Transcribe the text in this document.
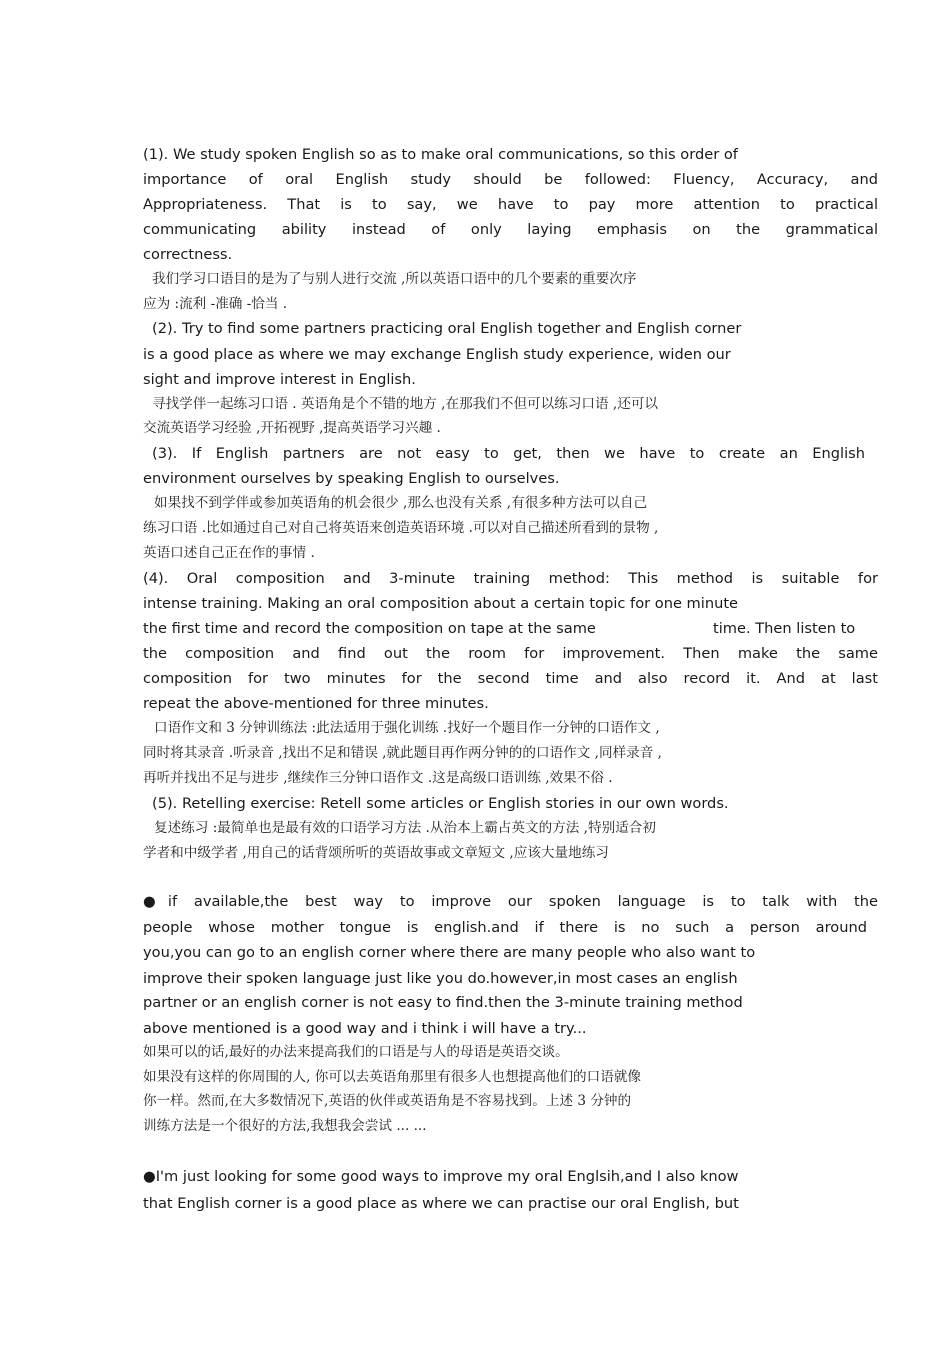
(1). We study spoken English so as to make oral communications, so this order of
importance of oral English study should be followed: Fluency, Accuracy, and
Appropriateness. That is to say, we have to pay more attention to practical
communicating ability instead of only laying emphasis on the grammatical
correctness.
我们学习口语目的是为了与别人进行交流 ,所以英语口语中的几个要素的重要次序
应为 :流利 -准确 -恰当 .
(2). Try to find some partners practicing oral English together and English corner
is a good place as where we may exchange English study experience, widen our
sight and improve interest in English.
寻找学伴一起练习口语 . 英语角是个不错的地方 ,在那我们不但可以练习口语 ,还可以
交流英语学习经验 ,开拓视野 ,提高英语学习兴趣 .
(3). If English partners are not easy to get, then we have to create an English
environment ourselves by speaking English to ourselves.
如果找不到学伴或参加英语角的机会很少 ,那么也没有关系 ,有很多种方法可以自己
练习口语 .比如通过自己对自己将英语来创造英语环境 .可以对自己描述所看到的景物 ,
英语口述自己正在作的事情 .
(4). Oral composition and 3-minute training method: This method is suitable for
intense training. Making an oral composition about a certain topic for one minute
the first time and record the composition on tape at the same	time. Then listen to
the composition and find out the room for improvement. Then make the same
composition for two minutes for the second time and also record it. And at last
repeat the above-mentioned for three minutes.
口语作文和 3 分钟训练法 :此法适用于强化训练 .找好一个题目作一分钟的口语作文 ,
同时将其录音 .听录音 ,找出不足和错误 ,就此题目再作两分钟的的口语作文 ,同样录音 ,
再听并找出不足与进步 ,继续作三分钟口语作文 .这是高级口语训练 ,效果不俗 .
(5). Retelling exercise: Retell some articles or English stories in our own words.
复述练习 :最简单也是最有效的口语学习方法 .从治本上霸占英文的方法 ,特别适合初
学者和中级学者 ,用自己的话背颂所听的英语故事或文章短文 ,应该大量地练习
●if available,the best way to improve our spoken language is to talk with the
people whose mother tongue is english.and if there is no such a person around
you,you can go to an english corner where there are many people who also want to
improve their spoken language just like you do.however,in most cases an english
partner or an english corner is not easy to find.then the 3-minute training method
above mentioned is a good way and i think i will have a try...
如果可以的话,最好的办法来提高我们的口语是与人的母语是英语交谈。
如果没有这样的你周围的人, 你可以去英语角那里有很多人也想提高他们的口语就像
你一样。然而,在大多数情况下,英语的伙伴或英语角是不容易找到。上述 3 分钟的
训练方法是一个很好的方法,我想我会尝试 ... ...
●I'm just looking for some good ways to improve my oral Englsih,and I also know
that English corner is a good place as where we can practise our oral English, but
